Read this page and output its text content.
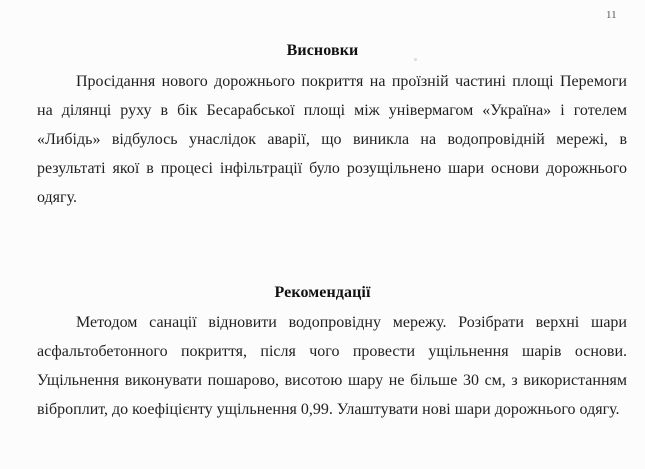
11
Висновки
Просідання нового дорожнього покриття на проїзній частині площі Перемоги на ділянці руху в бік Бесарабської площі між універмагом «Україна» і готелем «Либідь» відбулось унаслідок аварії, що виникла на водопровідній мережі, в результаті якої в процесі інфільтрації було розущільнено шари основи дорожнього одягу.
Рекомендації
Методом санації відновити водопровідну мережу. Розібрати верхні шари асфальтобетонного покриття, після чого провести ущільнення шарів основи. Ущільнення виконувати пошарово, висотою шару не більше 30 см, з використанням віброплит, до коефіцієнту ущільнення 0,99. Улаштувати нові шари дорожнього одягу.
